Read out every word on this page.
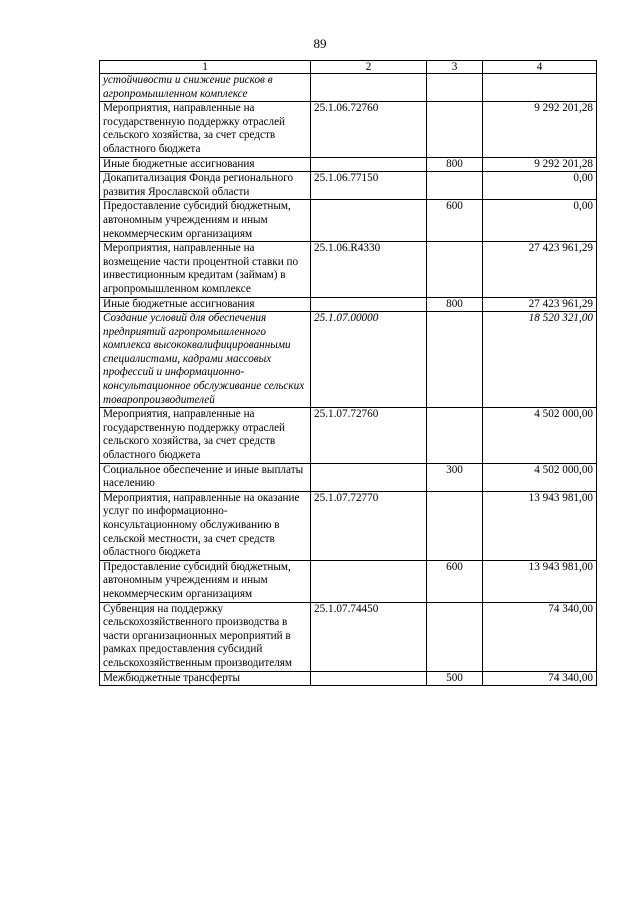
89
1	2	3	4
устойчивости и снижение рисков в агропромышленном комплексе			
Мероприятия, направленные на государственную поддержку отраслей сельского хозяйства, за счет средств областного бюджета	25.1.06.72760		9 292 201,28
Иные бюджетные ассигнования		800	9 292 201,28
Докапитализация Фонда регионального развития Ярославской области	25.1.06.77150		0,00
Предоставление субсидий бюджетным, автономным учреждениям и иным некоммерческим организациям		600	0,00
Мероприятия, направленные на возмещение части процентной ставки по инвестиционным кредитам (займам) в агропромышленном комплексе	25.1.06.R4330		27 423 961,29
Иные бюджетные ассигнования		800	27 423 961,29
Создание условий для обеспечения предприятий агропромышленного комплекса высококвалифицированными специалистами, кадрами массовых профессий и информационно-консультационное обслуживание сельских товаропроизводителей	25.1.07.00000		18 520 321,00
Мероприятия, направленные на государственную поддержку отраслей сельского хозяйства, за счет средств областного бюджета	25.1.07.72760		4 502 000,00
Социальное обеспечение и иные выплаты населению		300	4 502 000,00
Мероприятия, направленные на оказание услуг по информационно-консультационному обслуживанию в сельской местности, за счет средств областного бюджета	25.1.07.72770		13 943 981,00
Предоставление субсидий бюджетным, автономным учреждениям и иным некоммерческим организациям		600	13 943 981,00
Субвенция на поддержку сельскохозяйственного производства в части организационных мероприятий в рамках предоставления субсидий сельскохозяйственным производителям	25.1.07.74450		74 340,00
Межбюджетные трансферты		500	74 340,00
